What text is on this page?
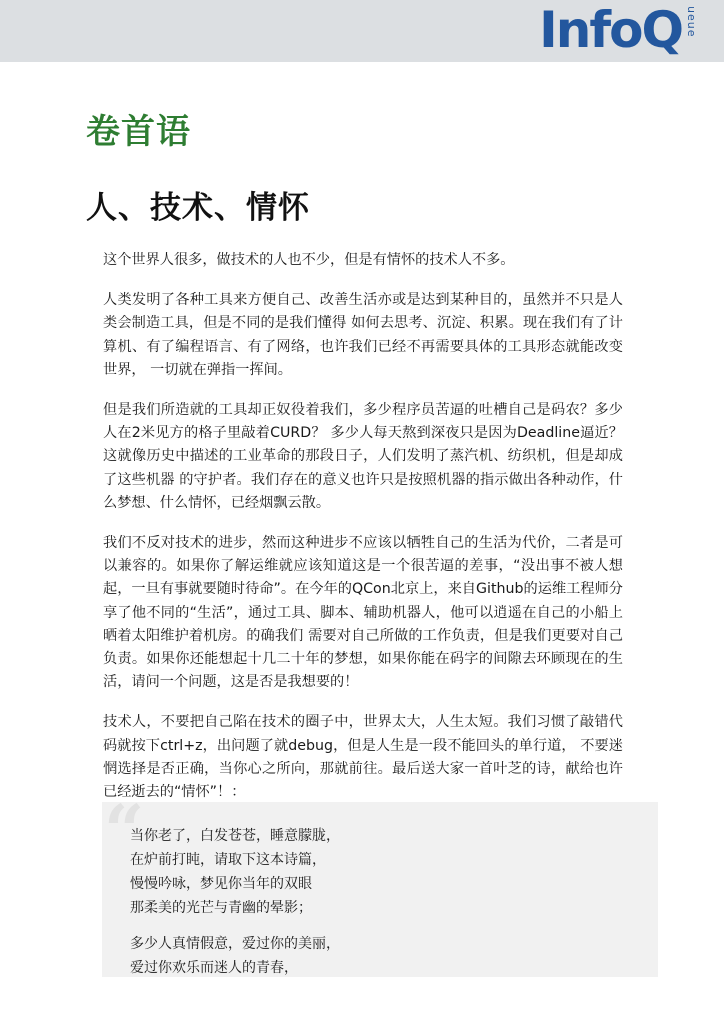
Info Q ueue
卷首语
人、技术、情怀

这个世界人很多，做技术的人也不少，但是有情怀的技术人不多。

人类发明了各种工具来方便自己、改善生活亦或是达到某种目的，虽然并不只是人类会制造工具，但是不同的是我们懂得 如何去思考、沉淀、积累。现在我们有了计算机、有了编程语言、有了网络，也许我们已经不再需要具体的工具形态就能改变世界， 一切就在弹指一挥间。

但是我们所造就的工具却正奴役着我们，多少程序员苦逼的吐槽自己是码农？多少人在2米见方的格子里敲着CURD？ 多少人每天熬到深夜只是因为Deadline逼近？这就像历史中描述的工业革命的那段日子，人们发明了蒸汽机、纺织机，但是却成了这些机器 的守护者。我们存在的意义也许只是按照机器的指示做出各种动作，什么梦想、什么情怀，已经烟飘云散。

我们不反对技术的进步，然而这种进步不应该以牺牲自己的生活为代价，二者是可以兼容的。如果你了解运维就应该知道这是一个很苦逼的差事，“没出事不被人想起，一旦有事就要随时待命”。在今年的QCon北京上，来自Github的运维工程师分享了他不同的“生活”，通过工具、脚本、辅助机器人，他可以逍遥在自己的小船上晒着太阳维护着机房。的确我们 需要对自己所做的工作负责，但是我们更要对自己负责。如果你还能想起十几二十年的梦想，如果你能在码字的间隙去环顾现在的生活，请问一个问题，这是否是我想要的！

技术人，不要把自己陷在技术的圈子中，世界太大，人生太短。我们习惯了敲错代码就按下ctrl+z，出问题了就debug，但是人生是一段不能回头的单行道， 不要迷惘选择是否正确，当你心之所向，那就前往。最后送大家一首叶芝的诗，献给也许已经逝去的“情怀”！：

“
当你老了，白发苍苍，睡意朦胧，
在炉前打盹，请取下这本诗篇，
慢慢吟咏，梦见你当年的双眼
那柔美的光芒与青幽的晕影；
多少人真情假意，爱过你的美丽，
爱过你欢乐而迷人的青春，
